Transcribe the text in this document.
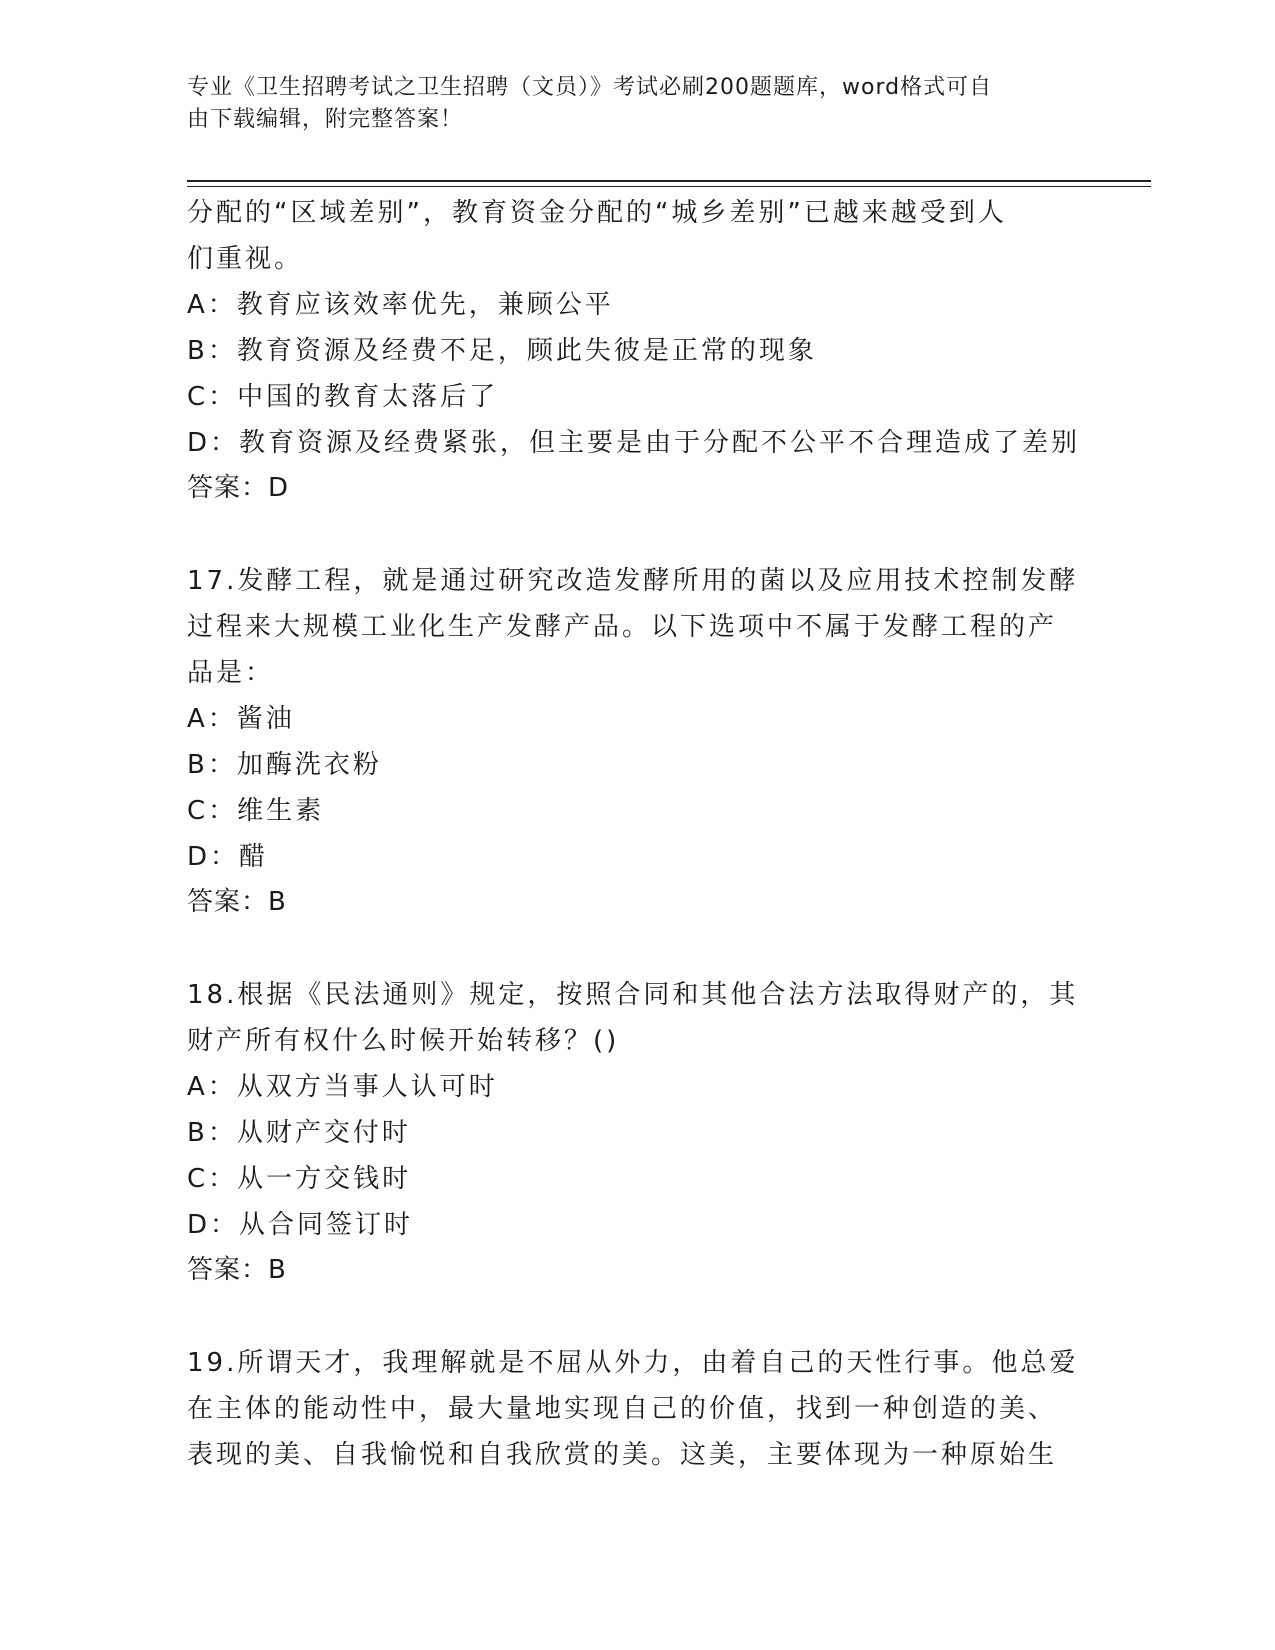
专业《卫生招聘考试之卫生招聘（文员）》考试必刷200题题库，word格式可自
由下载编辑，附完整答案！
分配的“区域差别”，教育资金分配的“城乡差别”已越来越受到人
们重视。
A：教育应该效率优先，兼顾公平
B：教育资源及经费不足，顾此失彼是正常的现象
C：中国的教育太落后了
D：教育资源及经费紧张，但主要是由于分配不公平不合理造成了差别
答案：D
17.发酵工程，就是通过研究改造发酵所用的菌以及应用技术控制发酵
过程来大规模工业化生产发酵产品。以下选项中不属于发酵工程的产
品是：
A：酱油
B：加酶洗衣粉
C：维生素
D：醋
答案：B
18.根据《民法通则》规定，按照合同和其他合法方法取得财产的，其
财产所有权什么时候开始转移？()
A：从双方当事人认可时
B：从财产交付时
C：从一方交钱时
D：从合同签订时
答案：B
19.所谓天才，我理解就是不屈从外力，由着自己的天性行事。他总爱
在主体的能动性中，最大量地实现自己的价值，找到一种创造的美、
表现的美、自我愉悦和自我欣赏的美。这美，主要体现为一种原始生
